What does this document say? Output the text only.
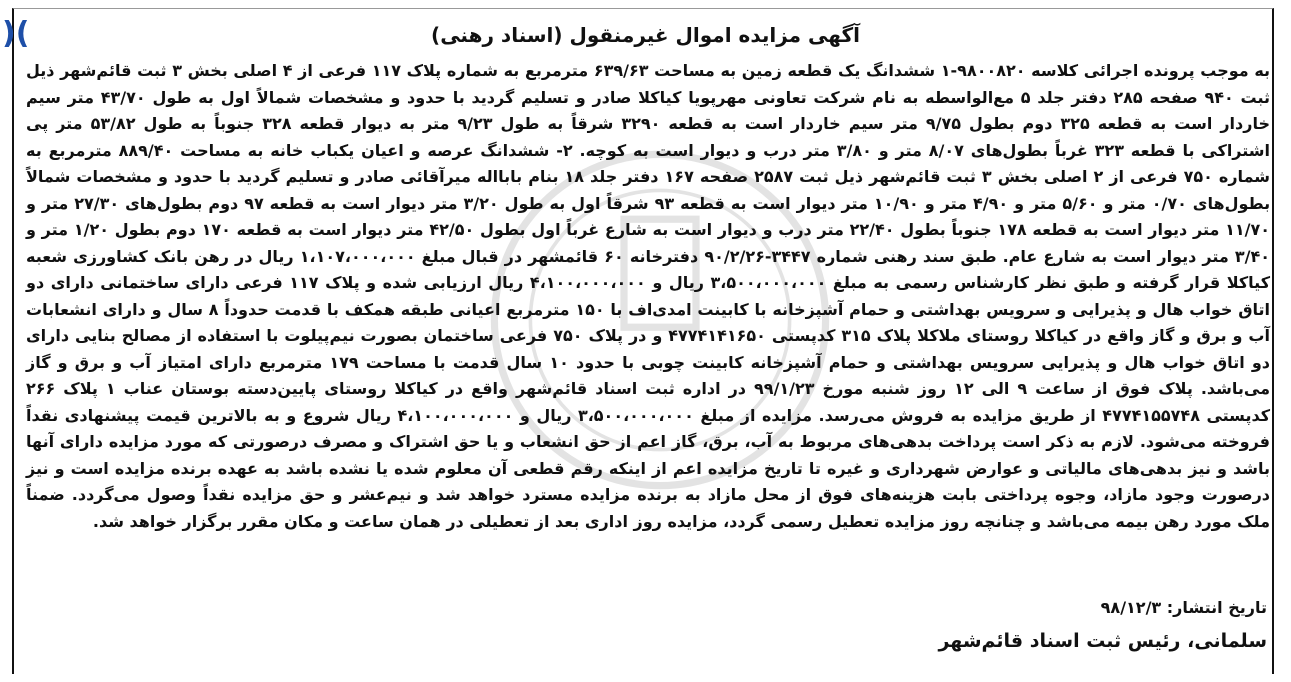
)(	آگهی مزایده اموال غیرمنقول (اسناد رهنی)
به موجب پرونده اجرائی کلاسه ۹۸۰۰۸۲۰-۱ ششدانگ یک قطعه زمین به مساحت ۶۳۹/۶۳ مترمربع به شماره پلاک ۱۱۷ فرعی از ۴ اصلی بخش ۳ ثبت قائم‌شهر ذیل ثبت ۹۴۰ صفحه ۲۸۵ دفتر جلد ۵ مع‌الواسطه به نام شرکت تعاونی مهرپویا کیاکلا صادر و تسلیم گردید با حدود و مشخصات شمالاً اول به طول ۴۳/۷۰ متر سیم خاردار است به قطعه ۳۲۵ دوم بطول ۹/۷۵ متر سیم خاردار است به قطعه ۳۲۹۰ شرقاً به طول ۹/۲۳ متر به دیوار قطعه ۳۲۸ جنوباً به طول ۵۳/۸۲ متر پی اشتراکی با قطعه ۳۲۳ غرباً بطول‌های ۸/۰۷ متر و ۳/۸۰ متر درب و دیوار است به کوچه. ۲- ششدانگ عرصه و اعیان یکباب خانه به مساحت ۸۸۹/۴۰ مترمربع به شماره ۷۵۰ فرعی از ۲ اصلی بخش ۳ ثبت قائم‌شهر ذیل ثبت ۲۵۸۷ صفحه ۱۶۷ دفتر جلد ۱۸ بنام بابااله میرآقائی صادر و تسلیم گردید با حدود و مشخصات شمالاً بطول‌های ۰/۷۰ متر و ۵/۶۰ متر و ۴/۹۰ متر و ۱۰/۹۰ متر دیوار است به قطعه ۹۳ شرقاً اول به طول ۳/۲۰ متر دیوار است به قطعه ۹۷ دوم بطول‌های ۲۷/۳۰ متر و ۱۱/۷۰ متر دیوار است به قطعه ۱۷۸ جنوباً بطول ۲۲/۴۰ متر درب و دیوار است به شارع غرباً اول بطول ۴۲/۵۰ متر دیوار است به قطعه ۱۷۰ دوم بطول ۱/۲۰ متر و ۳/۴۰ متر دیوار است به شارع عام. طبق سند رهنی شماره ۳۴۴۷-۹۰/۲/۲۶ دفترخانه ۶۰ قائمشهر در قبال مبلغ ۱،۱۰۷،۰۰۰،۰۰۰ ریال در رهن بانک کشاورزی شعبه کیاکلا قرار گرفته و طبق نظر کارشناس رسمی به مبلغ ۳،۵۰۰،۰۰۰،۰۰۰ ریال و ۴،۱۰۰،۰۰۰،۰۰۰ ریال ارزیابی شده و پلاک ۱۱۷ فرعی دارای ساختمانی دارای دو اتاق خواب هال و پذیرایی و سرویس بهداشتی و حمام آشپزخانه با کابینت امدی‌اف با ۱۵۰ مترمربع اعیانی طبقه همکف با قدمت حدوداً ۸ سال و دارای انشعابات آب و برق و گاز واقع در کیاکلا روستای ملاکلا پلاک ۳۱۵ کدپستی ۴۷۷۴۱۴۱۶۵۰ و در پلاک ۷۵۰ فرعی ساختمان بصورت نیم‌پیلوت با استفاده از مصالح بنایی دارای دو اتاق خواب هال و پذیرایی سرویس بهداشتی و حمام آشپزخانه کابینت چوبی با حدود ۱۰ سال قدمت با مساحت ۱۷۹ مترمربع دارای امتیاز آب و برق و گاز می‌باشد. پلاک فوق از ساعت ۹ الی ۱۲ روز شنبه مورخ ۹۹/۱/۲۳ در اداره ثبت اسناد قائم‌شهر واقع در کیاکلا روستای پایین‌دسته بوستان عناب ۱ پلاک ۲۶۶ کدپستی ۴۷۷۴۱۵۵۷۴۸ از طریق مزایده به فروش می‌رسد. مزایده از مبلغ ۳،۵۰۰،۰۰۰،۰۰۰ ریال و ۴،۱۰۰،۰۰۰،۰۰۰ ریال شروع و به بالاترین قیمت پیشنهادی نقداً فروخته می‌شود. لازم به ذکر است پرداخت بدهی‌های مربوط به آب، برق، گاز اعم از حق انشعاب و یا حق اشتراک و مصرف درصورتی که مورد مزایده دارای آنها باشد و نیز بدهی‌های مالیاتی و عوارض شهرداری و غیره تا تاریخ مزایده اعم از اینکه رقم قطعی آن معلوم شده یا نشده باشد به عهده برنده مزایده است و نیز درصورت وجود مازاد، وجوه پرداختی بابت هزینه‌های فوق از محل مازاد به برنده مزایده مسترد خواهد شد و نیم‌عشر و حق مزایده نقداً وصول می‌گردد. ضمناً ملک مورد رهن بیمه می‌باشد و چنانچه روز مزایده تعطیل رسمی گردد، مزایده روز اداری بعد از تعطیلی در همان ساعت و مکان مقرر برگزار خواهد شد.
تاریخ انتشار: ۹۸/۱۲/۳
سلمانی، رئیس ثبت اسناد قائم‌شهر
